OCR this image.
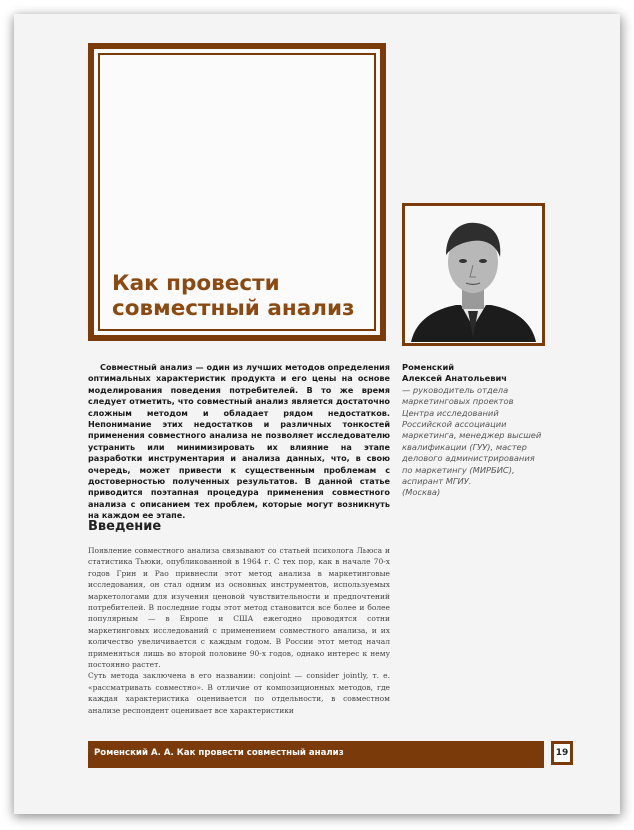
Как провести
совместный анализ

Совместный анализ — один из лучших методов определения оптимальных характеристик продукта и его цены на основе моделирования поведения потребителей. В то же время следует отметить, что совместный анализ является достаточно сложным методом и обладает рядом недостатков. Непонимание этих недостатков и различных тонкостей применения совместного анализа не позволяет исследователю устранить или минимизировать их влияние на этапе разработки инструментария и анализа данных, что, в свою очередь, может привести к существенным проблемам с достоверностью полученных результатов. В данной статье приводится поэтапная процедура применения совместного анализа с описанием тех проблем, которые могут возникнуть на каждом ее этапе.

Роменский

Алексей Анатольевич

— руководитель отдела маркетинговых проектов Центра исследований Российской ассоциации маркетинга, менеджер высшей квалификации (ГУУ), мастер делового администрирования по маркетингу (МИРБИС), аспирант МГИУ.

(Москва)

Введение

Появление совместного анализа связывают со статьей психолога Льюса и статистика Тьюки, опубликованной в 1964 г. С тех пор, как в начале 70-х годов Грин и Рао привнесли этот метод анализа в маркетинговые исследования, он стал одним из основных инструментов, используемых маркетологами для изучения ценовой чувствительности и предпочтений потребителей. В последние годы этот метод становится все более и более популярным — в Европе и США ежегодно проводятся сотни маркетинговых исследований с применением совместного анализа, и их количество увеличивается с каждым годом. В России этот метод начал применяться лишь во второй половине 90-х годов, однако интерес к нему постоянно растет.

Суть метода заключена в его названии: conjoint — consider jointly, т. е. «рассматривать совместно». В отличие от композиционных методов, где каждая характеристика оценивается по отдельности, в совместном анализе респондент оценивает все характеристики

Роменский А. А. Как провести совместный анализ	19
